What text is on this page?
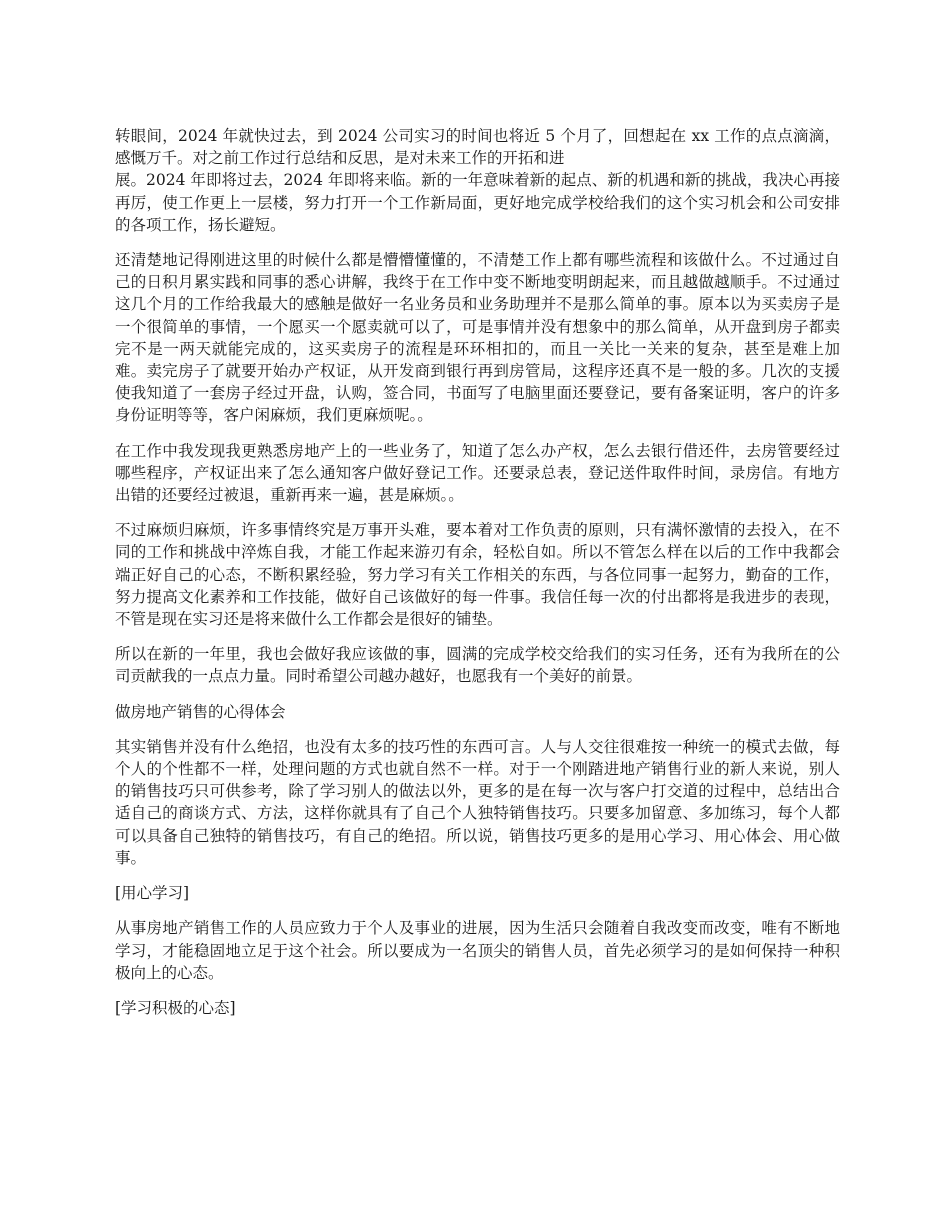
转眼间，2024 年就快过去，到 2024 公司实习的时间也将近 5 个月了，回想起在 xx 工作的点点滴滴，感慨万千。对之前工作过行总结和反思，是对未来工作的开拓和进
展。2024 年即将过去，2024 年即将来临。新的一年意味着新的起点、新的机遇和新的挑战，我决心再接再厉，使工作更上一层楼，努力打开一个工作新局面，更好地完成学校给我们的这个实习机会和公司安排的各项工作，扬长避短。

还清楚地记得刚进这里的时候什么都是懵懵懂懂的，不清楚工作上都有哪些流程和该做什么。不过通过自己的日积月累实践和同事的悉心讲解，我终于在工作中变不断地变明朗起来，而且越做越顺手。不过通过这几个月的工作给我最大的感触是做好一名业务员和业务助理并不是那么简单的事。原本以为买卖房子是一个很简单的事情，一个愿买一个愿卖就可以了，可是事情并没有想象中的那么简单，从开盘到房子都卖完不是一两天就能完成的，这买卖房子的流程是环环相扣的，而且一关比一关来的复杂，甚至是难上加难。卖完房子了就要开始办产权证，从开发商到银行再到房管局，这程序还真不是一般的多。几次的支援使我知道了一套房子经过开盘，认购，签合同，书面写了电脑里面还要登记，要有备案证明，客户的许多身份证明等等，客户闲麻烦，我们更麻烦呢。。

在工作中我发现我更熟悉房地产上的一些业务了，知道了怎么办产权，怎么去银行借还件，去房管要经过哪些程序，产权证出来了怎么通知客户做好登记工作。还要录总表，登记送件取件时间，录房信。有地方出错的还要经过被退，重新再来一遍，甚是麻烦。。

不过麻烦归麻烦，许多事情终究是万事开头难，要本着对工作负责的原则，只有满怀激情的去投入，在不同的工作和挑战中淬炼自我，才能工作起来游刃有余，轻松自如。所以不管怎么样在以后的工作中我都会端正好自己的心态，不断积累经验，努力学习有关工作相关的东西，与各位同事一起努力，勤奋的工作，努力提高文化素养和工作技能，做好自己该做好的每一件事。我信任每一次的付出都将是我进步的表现，不管是现在实习还是将来做什么工作都会是很好的铺垫。

所以在新的一年里，我也会做好我应该做的事，圆满的完成学校交给我们的实习任务，还有为我所在的公司贡献我的一点点力量。同时希望公司越办越好，也愿我有一个美好的前景。

做房地产销售的心得体会

其实销售并没有什么绝招，也没有太多的技巧性的东西可言。人与人交往很难按一种统一的模式去做，每个人的个性都不一样，处理问题的方式也就自然不一样。对于一个刚踏进地产销售行业的新人来说，别人的销售技巧只可供参考，除了学习别人的做法以外，更多的是在每一次与客户打交道的过程中，总结出合适自己的商谈方式、方法，这样你就具有了自己个人独特销售技巧。只要多加留意、多加练习，每个人都可以具备自己独特的销售技巧，有自己的绝招。所以说，销售技巧更多的是用心学习、用心体会、用心做事。

[用心学习]

从事房地产销售工作的人员应致力于个人及事业的进展，因为生活只会随着自我改变而改变，唯有不断地学习，才能稳固地立足于这个社会。所以要成为一名顶尖的销售人员，首先必须学习的是如何保持一种积极向上的心态。

[学习积极的心态]
